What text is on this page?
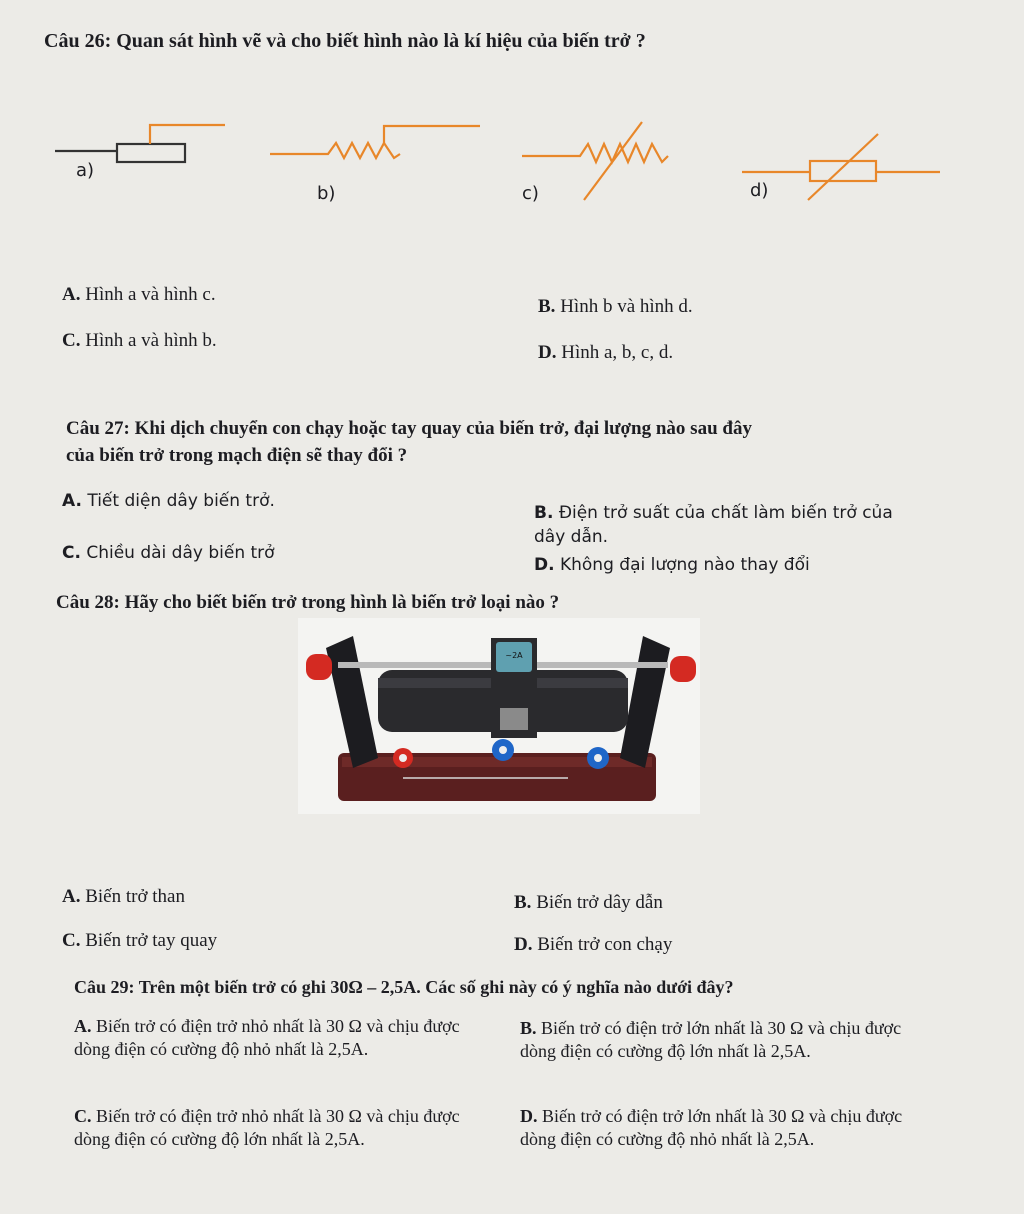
Câu 26: Quan sát hình vẽ và cho biết hình nào là kí hiệu của biến trở ?
a)
b)	c)	d)
A. Hình a và hình c.
B. Hình b và hình d.
C. Hình a và hình b.
D. Hình a, b, c, d.
Câu 27: Khi dịch chuyển con chạy hoặc tay quay của biến trở, đại lượng nào sau đây
của biến trở trong mạch điện sẽ thay đổi ?
A. Tiết diện dây biến trở.
B. Điện trở suất của chất làm biến trở của
dây dẫn.
C. Chiều dài dây biến trở
D. Không đại lượng nào thay đổi
Câu 28: Hãy cho biết biến trở trong hình là biến trở loại nào ?
~2A
A. Biến trở than	B. Biến trở dây dẫn
C. Biến trở tay quay	D. Biến trở con chạy
Câu 29: Trên một biến trở có ghi 30Ω – 2,5A. Các số ghi này có ý nghĩa nào dưới đây?
A. Biến trở có điện trở nhỏ nhất là 30 Ω và chịu được dòng điện có cường độ nhỏ nhất là 2,5A.
B. Biến trở có điện trở lớn nhất là 30 Ω và chịu được dòng điện có cường độ lớn nhất là 2,5A.
C. Biến trở có điện trở nhỏ nhất là 30 Ω và chịu được dòng điện có cường độ lớn nhất là 2,5A.
D. Biến trở có điện trở lớn nhất là 30 Ω và chịu được dòng điện có cường độ nhỏ nhất là 2,5A.
